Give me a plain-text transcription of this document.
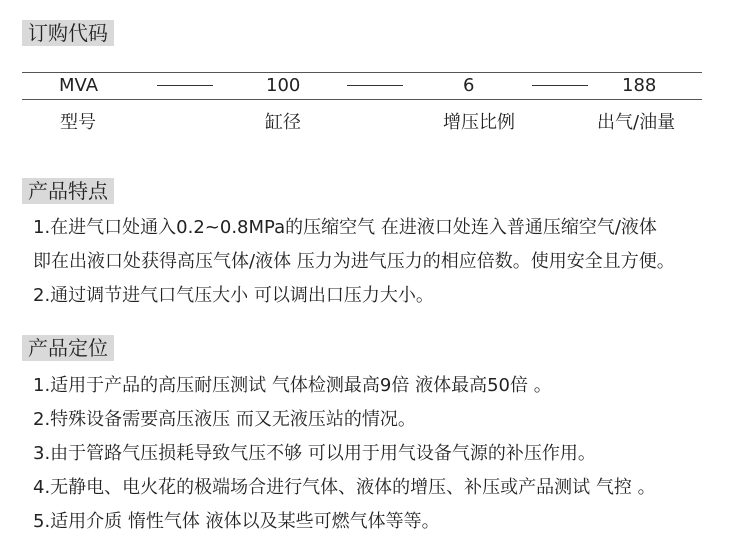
订购代码
MVA	100	6	188
型号	缸径	增压比例	出气/油量
产品特点
1.在进气口处通入0.2~0.8MPa的压缩空气 在进液口处连入普通压缩空气/液体
即在出液口处获得高压气体/液体 压力为进气压力的相应倍数。使用安全且方便。
2.通过调节进气口气压大小 可以调出口压力大小。
产品定位
1.适用于产品的高压耐压测试 气体检测最高9倍 液体最高50倍 。
2.特殊设备需要高压液压 而又无液压站的情况。
3.由于管路气压损耗导致气压不够 可以用于用气设备气源的补压作用。
4.无静电、电火花的极端场合进行气体、液体的增压、补压或产品测试 气控 。
5.适用介质 惰性气体 液体以及某些可燃气体等等。
